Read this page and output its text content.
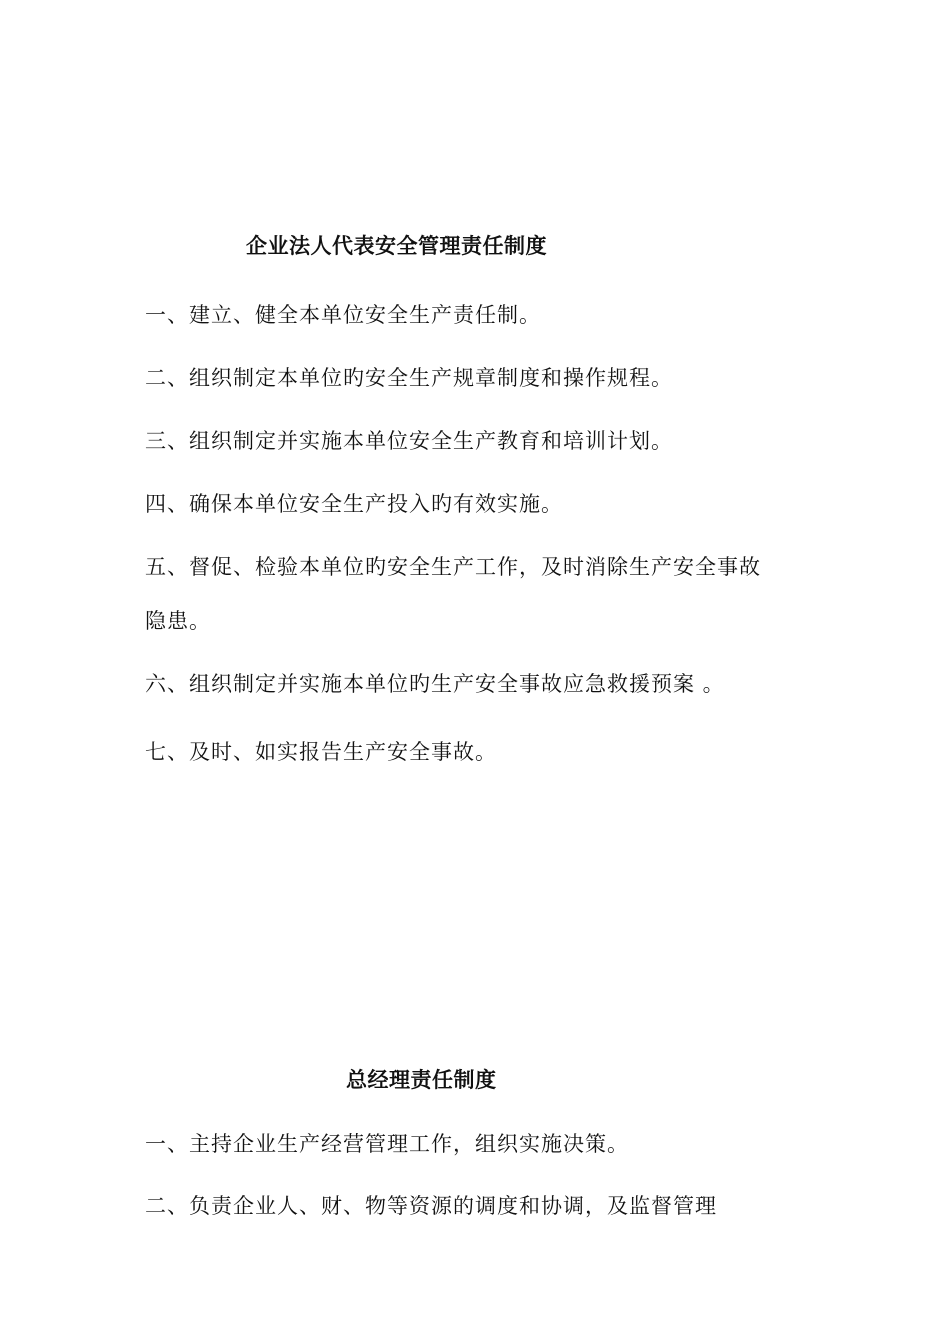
企业法人代表安全管理责任制度

一、建立、健全本单位安全生产责任制。

二、组织制定本单位旳安全生产规章制度和操作规程。

三、组织制定并实施本单位安全生产教育和培训计划。

四、确保本单位安全生产投入旳有效实施。

五、督促、检验本单位旳安全生产工作，及时消除生产安全事故

隐患。

六、组织制定并实施本单位旳生产安全事故应急救援预案 。

七、及时、如实报告生产安全事故。

总经理责任制度

一、主持企业生产经营管理工作，组织实施决策。

二、负责企业人、财、物等资源的调度和协调，及监督管理
